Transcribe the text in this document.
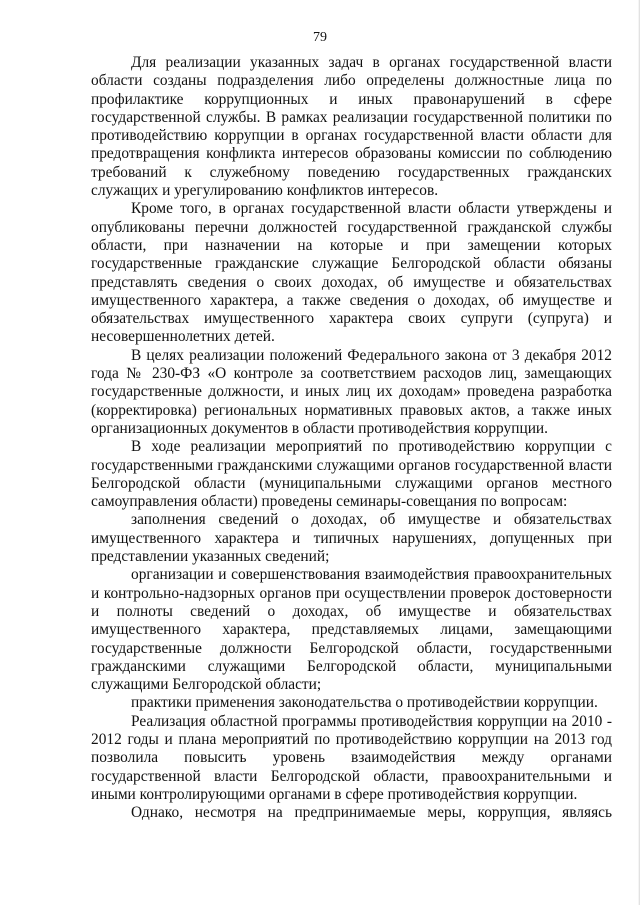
79

Для реализации указанных задач в органах государственной власти области созданы подразделения либо определены должностные лица по профилактике коррупционных и иных правонарушений в сфере государственной службы. В рамках реализации государственной политики по противодействию коррупции в органах государственной власти области для предотвращения конфликта интересов образованы комиссии по соблюдению требований к служебному поведению государственных гражданских служащих и урегулированию конфликтов интересов.

Кроме того, в органах государственной власти области утверждены и опубликованы перечни должностей государственной гражданской службы области, при назначении на которые и при замещении которых государственные гражданские служащие Белгородской области обязаны представлять сведения о своих доходах, об имуществе и обязательствах имущественного характера, а также сведения о доходах, об имуществе и обязательствах имущественного характера своих супруги (супруга) и несовершеннолетних детей.

В целях реализации положений Федерального закона от 3 декабря 2012 года № 230-ФЗ «О контроле за соответствием расходов лиц, замещающих государственные должности, и иных лиц их доходам» проведена разработка (корректировка) региональных нормативных правовых актов, а также иных организационных документов в области противодействия коррупции.

В ходе реализации мероприятий по противодействию коррупции с государственными гражданскими служащими органов государственной власти Белгородской области (муниципальными служащими органов местного самоуправления области) проведены семинары-совещания по вопросам:

заполнения сведений о доходах, об имуществе и обязательствах имущественного характера и типичных нарушениях, допущенных при представлении указанных сведений;

организации и совершенствования взаимодействия правоохранительных и контрольно-надзорных органов при осуществлении проверок достоверности и полноты сведений о доходах, об имуществе и обязательствах имущественного характера, представляемых лицами, замещающими государственные должности Белгородской области, государственными гражданскими служащими Белгородской области, муниципальными служащими Белгородской области;

практики применения законодательства о противодействии коррупции.

Реализация областной программы противодействия коррупции на 2010 - 2012 годы и плана мероприятий по противодействию коррупции на 2013 год позволила повысить уровень взаимодействия между органами государственной власти Белгородской области, правоохранительными и иными контролирующими органами в сфере противодействия коррупции.

Однако, несмотря на предпринимаемые меры, коррупция, являясь
